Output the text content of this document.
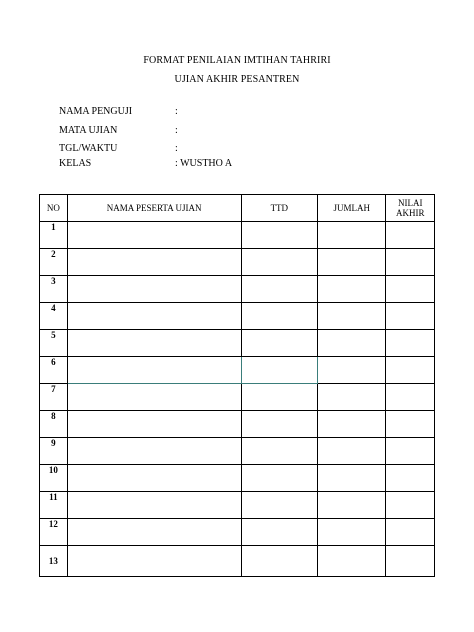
FORMAT PENILAIAN IMTIHAN TAHRIRI
UJIAN AKHIR PESANTREN
NAMA PENGUJI	:
MATA UJIAN	:
TGL/WAKTU	:
KELAS	: WUSTHO A
NO	NAMA PESERTA UJIAN	TTD	JUMLAH	NILAI AKHIR
1				
2				
3				
4				
5				
6				
7				
8				
9				
10				
11				
12				
13				
